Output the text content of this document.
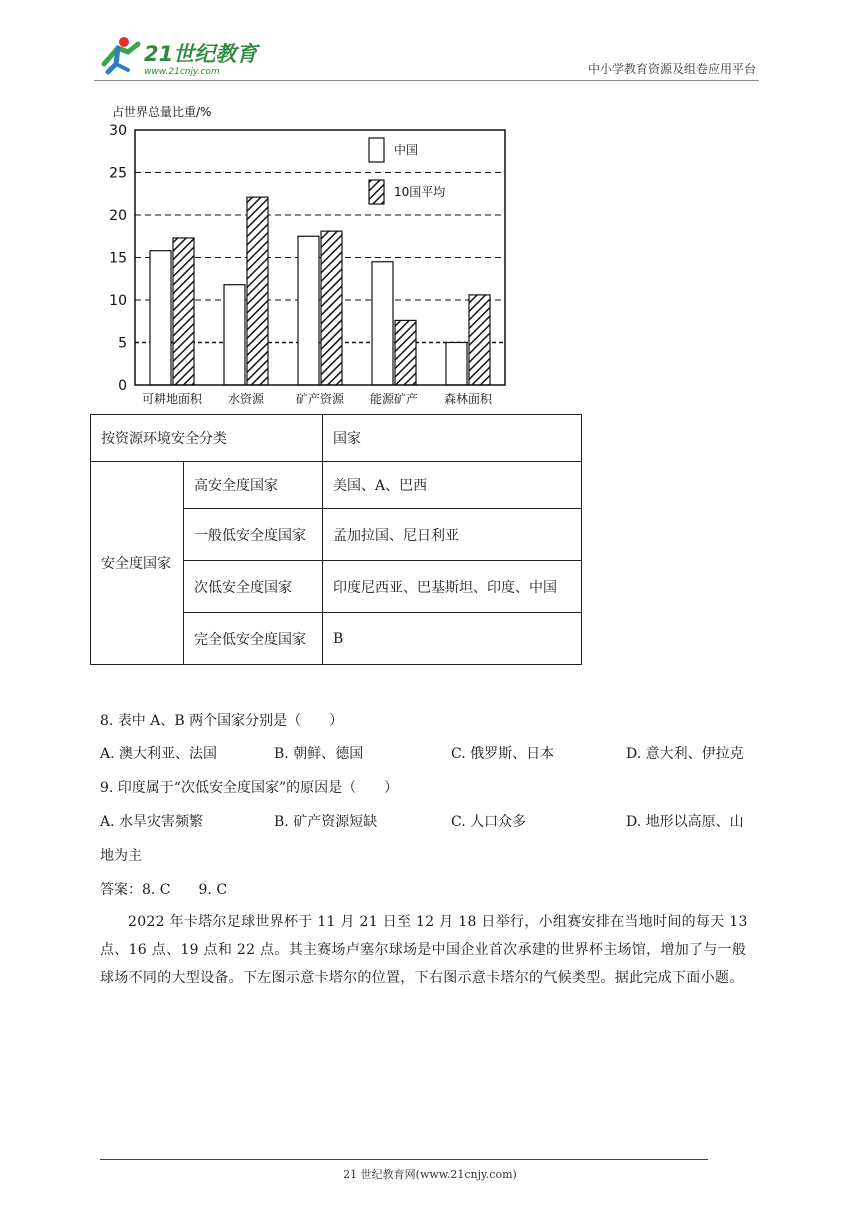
21世纪教育
www.21cnjy.com	中小学教育资源及组卷应用平台
占世界总量比重/%
0
5
10
15
20
25
30
可耕地面积 水资源	矿产资源 能源矿产 森林面积
中国
10国平均
按资源环境安全分类		国家
安全度国家	高安全度国家	美国、A、巴西
	一般低安全度国家	孟加拉国、尼日利亚
	次低安全度国家	印度尼西亚、巴基斯坦、印度、中国
	完全低安全度国家	B
8. 表中 A、B 两个国家分别是（　　）
A. 澳大利亚、法国	B. 朝鲜、德国	C. 俄罗斯、日本	D. 意大利、伊拉克
9. 印度属于“次低安全度国家”的原因是（　　）
A. 水旱灾害频繁	B. 矿产资源短缺	C. 人口众多	D. 地形以高原、山
地为主
答案：8. C　　9. C
2022 年卡塔尔足球世界杯于 11 月 21 日至 12 月 18 日举行，小组赛安排在当地时间的每天 13 点、16 点、19 点和 22 点。其主赛场卢塞尔球场是中国企业首次承建的世界杯主场馆，增加了与一般球场不同的大型设备。下左图示意卡塔尔的位置，下右图示意卡塔尔的气候类型。据此完成下面小题。
21 世纪教育网(www.21cnjy.com)
